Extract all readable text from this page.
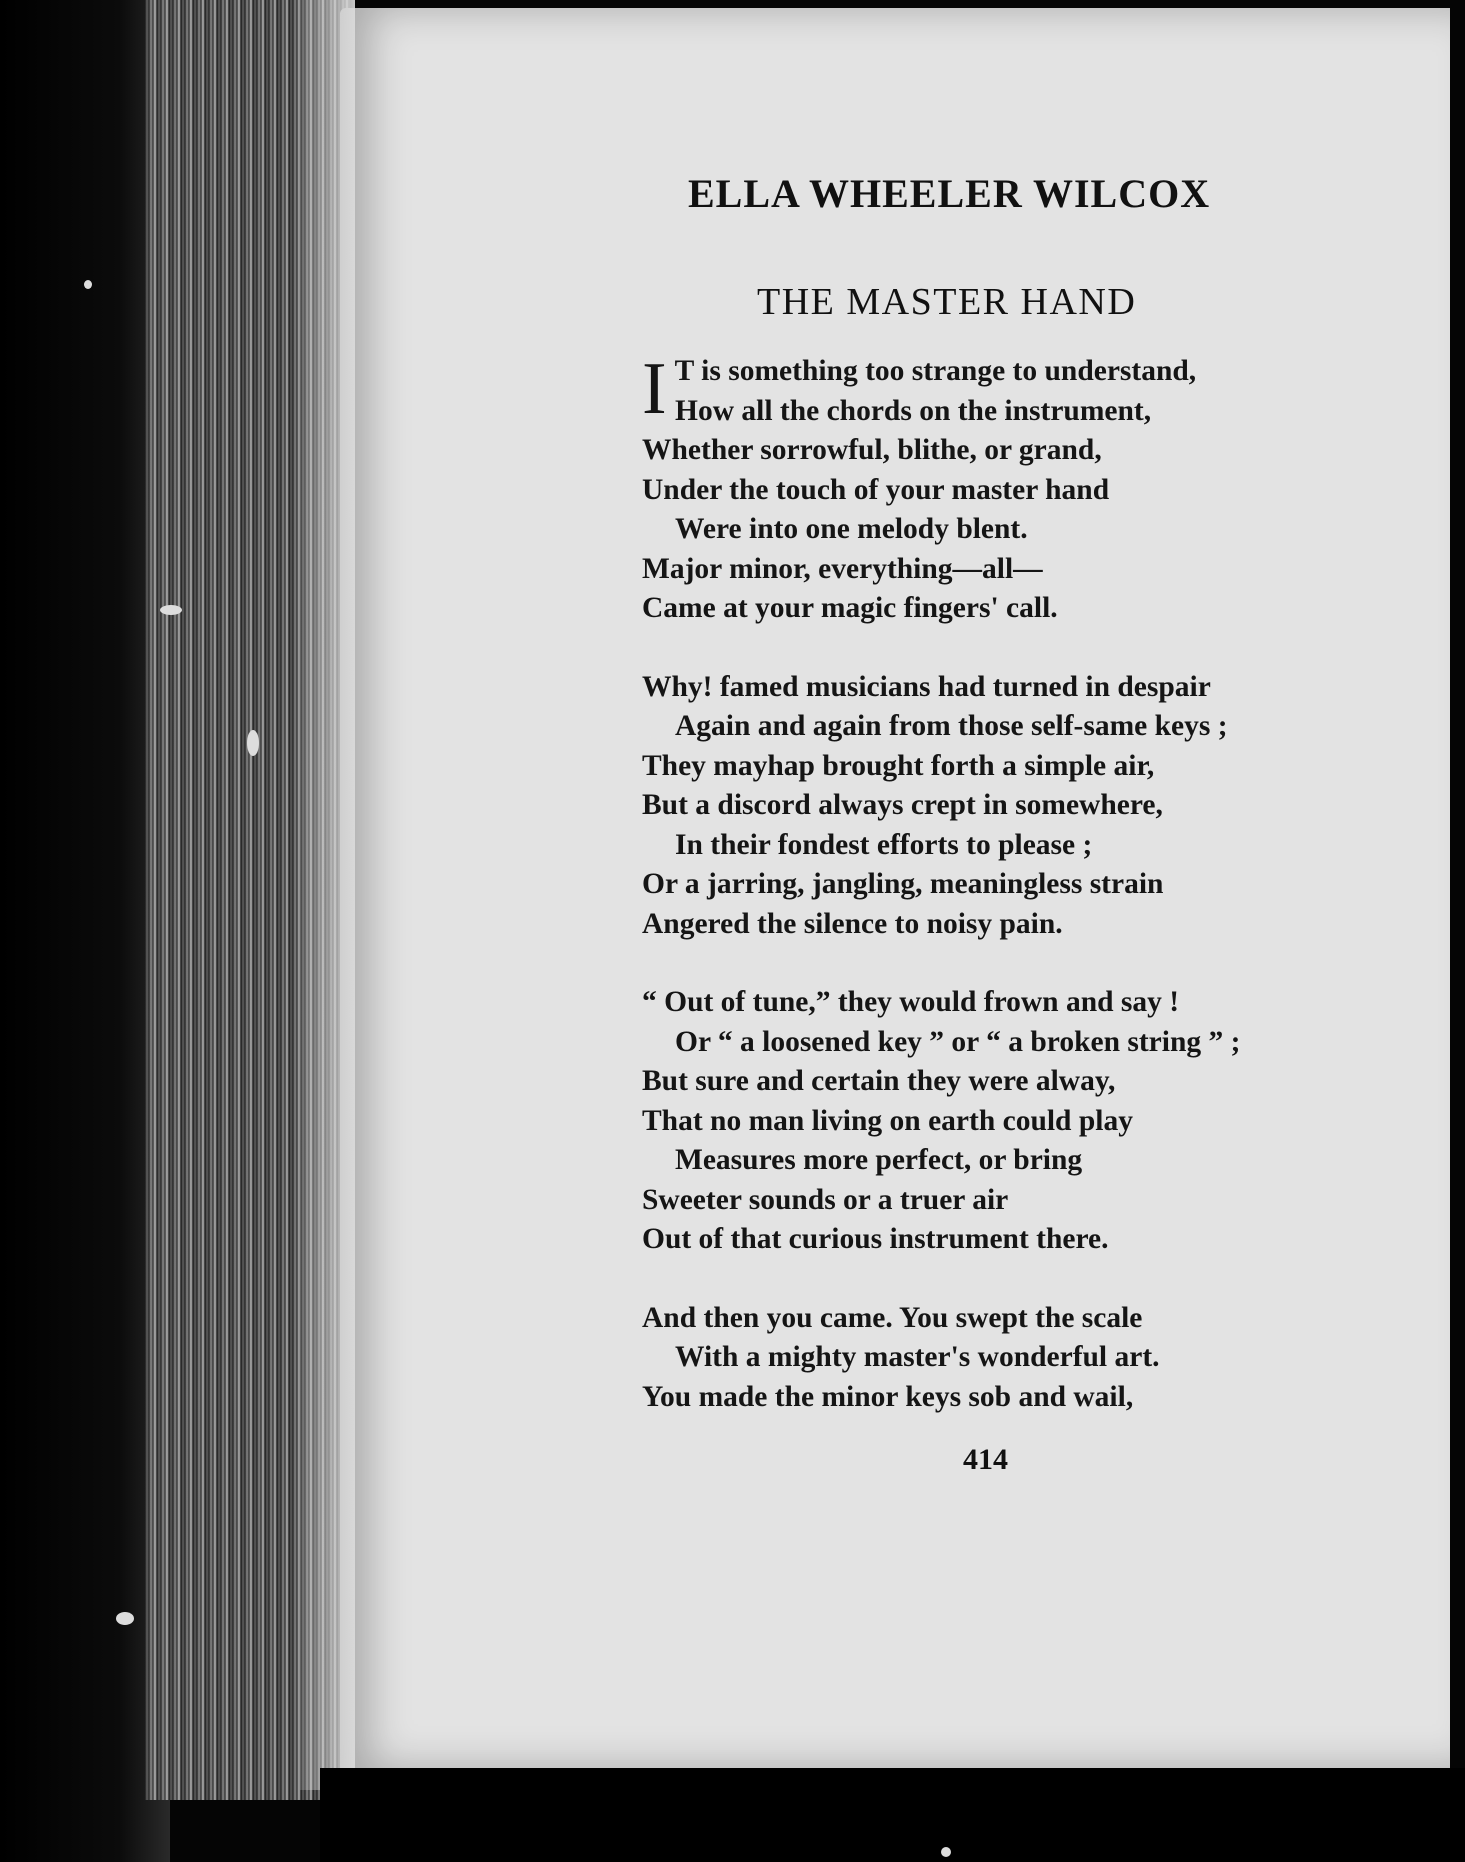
ELLA WHEELER WILCOX
THE MASTER HAND
I T is something too strange to understand,
How all the chords on the instrument,
Whether sorrowful, blithe, or grand,
Under the touch of your master hand
Were into one melody blent.
Major minor, everything—all—
Came at your magic fingers' call.
Why! famed musicians had turned in despair
Again and again from those self-same keys ;
They mayhap brought forth a simple air,
But a discord always crept in somewhere,
In their fondest efforts to please ;
Or a jarring, jangling, meaningless strain
Angered the silence to noisy pain.
“ Out of tune,” they would frown and say !
Or “ a loosened key ” or “ a broken string ” ;
But sure and certain they were alway,
That no man living on earth could play
Measures more perfect, or bring
Sweeter sounds or a truer air
Out of that curious instrument there.
And then you came. You swept the scale
With a mighty master's wonderful art.
You made the minor keys sob and wail,
414
